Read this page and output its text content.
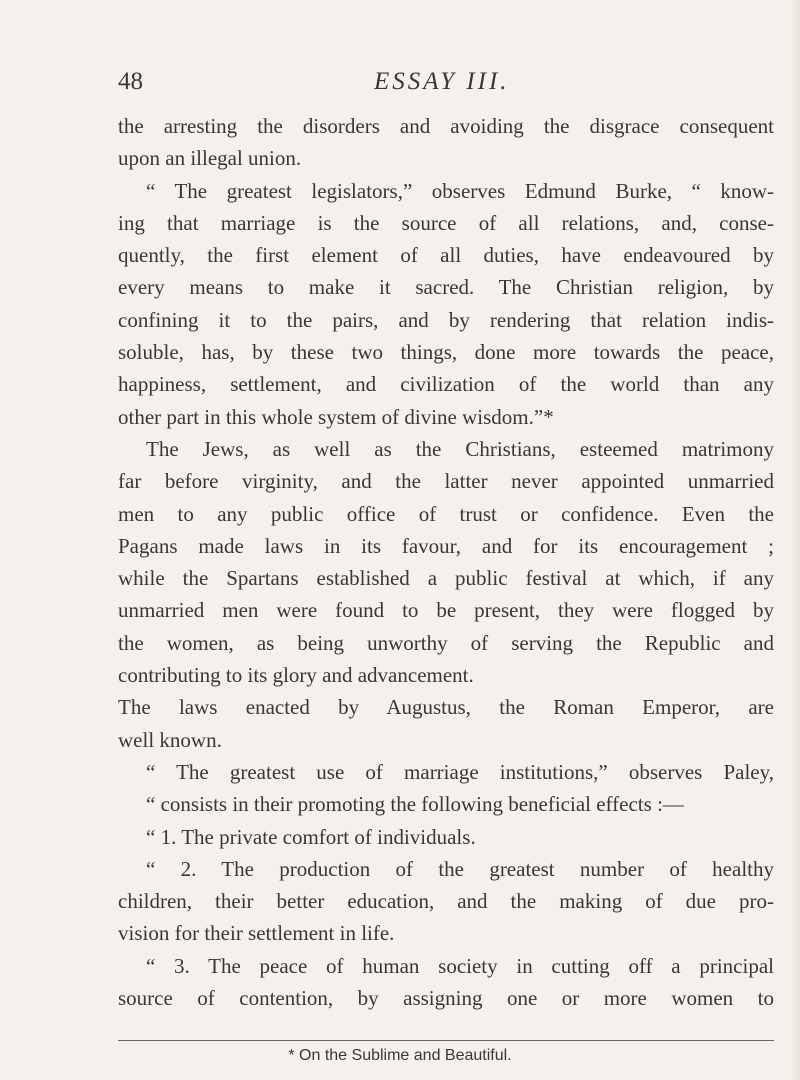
48	ESSAY III.
the arresting the disorders and avoiding the disgrace consequent
upon an illegal union.
“ The greatest legislators,” observes Edmund Burke, “ know-
ing that marriage is the source of all relations, and, conse-
quently, the first element of all duties, have endeavoured by
every means to make it sacred. The Christian religion, by
confining it to the pairs, and by rendering that relation indis-
soluble, has, by these two things, done more towards the peace,
happiness, settlement, and civilization of the world than any
other part in this whole system of divine wisdom.”*
The Jews, as well as the Christians, esteemed matrimony
far before virginity, and the latter never appointed unmarried
men to any public office of trust or confidence. Even the
Pagans made laws in its favour, and for its encouragement ;
while the Spartans established a public festival at which, if any
unmarried men were found to be present, they were flogged by
the women, as being unworthy of serving the Republic and
contributing to its glory and advancement.
The laws enacted by Augustus, the Roman Emperor, are
well known.
“ The greatest use of marriage institutions,” observes Paley,
“ consists in their promoting the following beneficial effects :—
“ 1. The private comfort of individuals.
“ 2. The production of the greatest number of healthy
children, their better education, and the making of due pro-
vision for their settlement in life.
“ 3. The peace of human society in cutting off a principal
source of contention, by assigning one or more women to
* On the Sublime and Beautiful.
